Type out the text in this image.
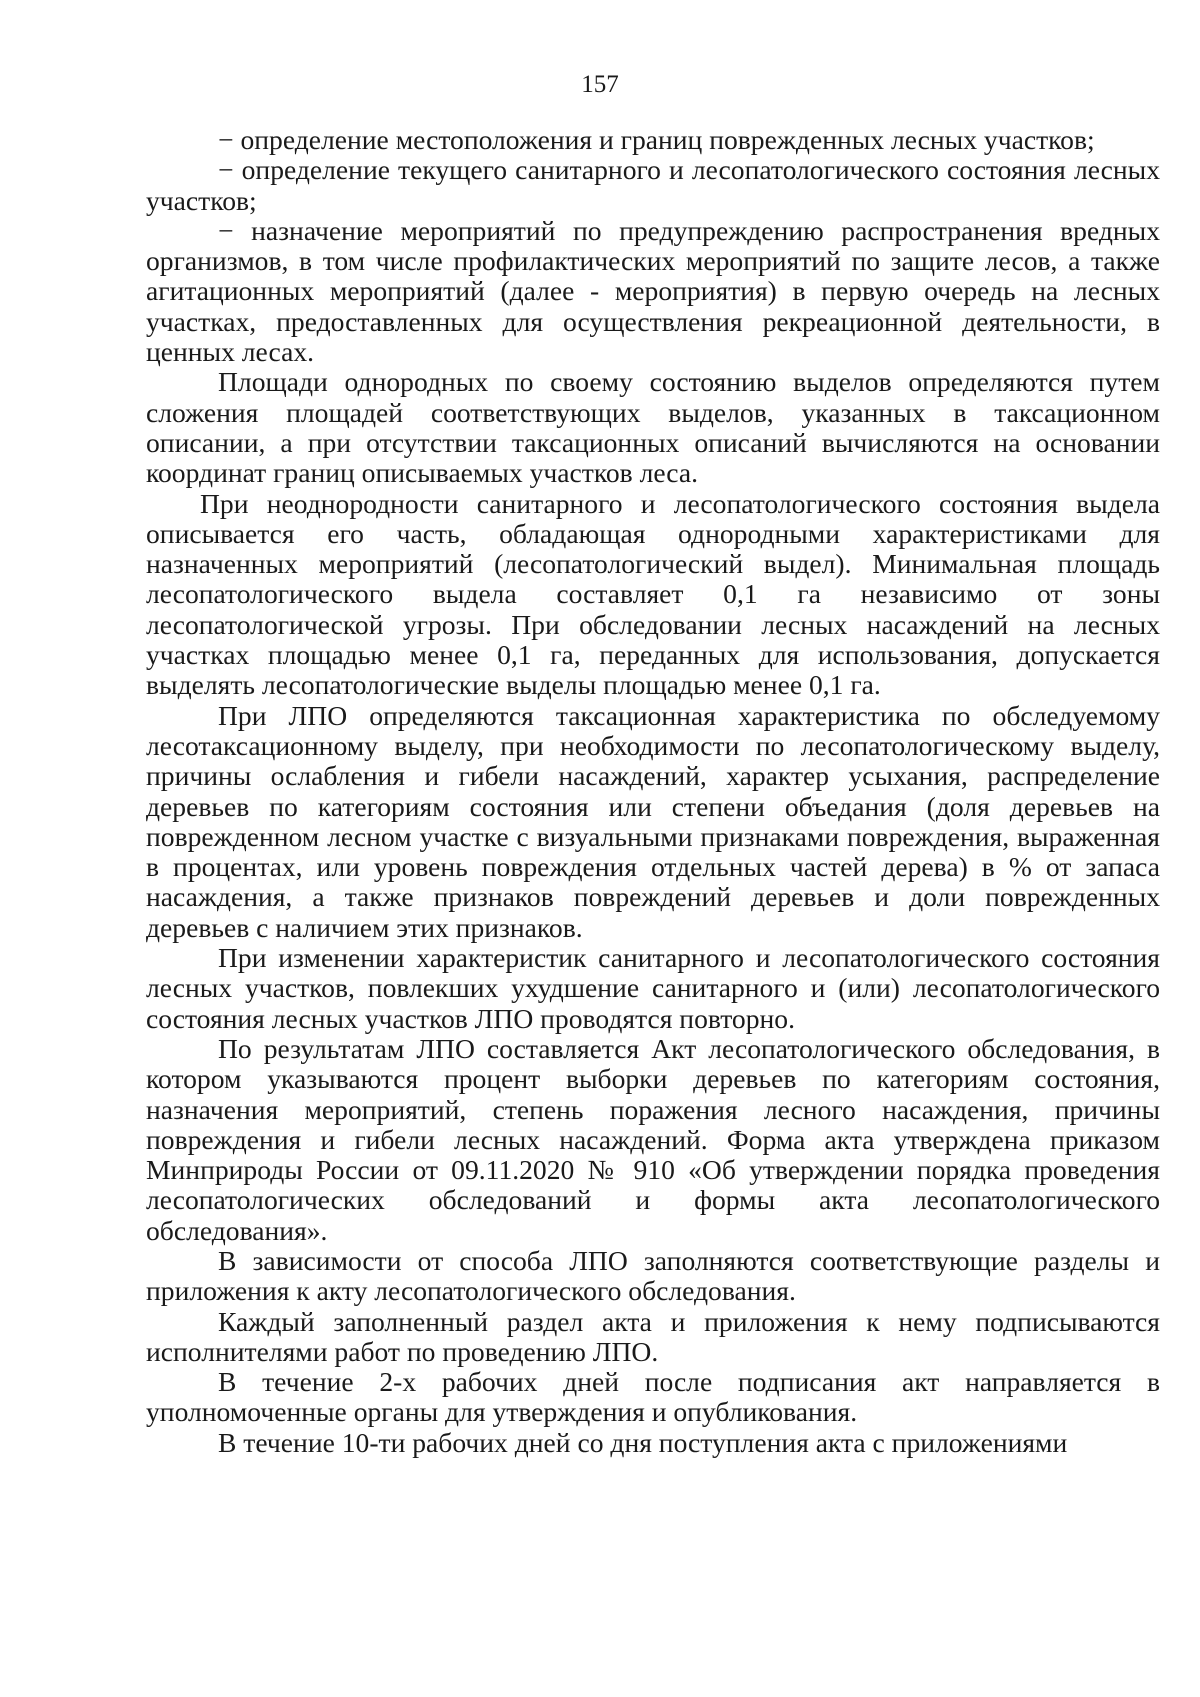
157

− определение местоположения и границ поврежденных лесных участков;

− определение текущего санитарного и лесопатологического состояния лесных участков;

− назначение мероприятий по предупреждению распространения вредных организмов, в том числе профилактических мероприятий по защите лесов, а также агитационных мероприятий (далее - мероприятия) в первую очередь на лесных участках, предоставленных для осуществления рекреационной деятельности, в ценных лесах.

Площади однородных по своему состоянию выделов определяются путем сложения площадей соответствующих выделов, указанных в таксационном описании, а при отсутствии таксационных описаний вычисляются на основании координат границ описываемых участков леса.

При неоднородности санитарного и лесопатологического состояния выдела описывается его часть, обладающая однородными характеристиками для назначенных мероприятий (лесопатологический выдел). Минимальная площадь лесопатологического выдела составляет 0,1 га независимо от зоны лесопатологической угрозы. При обследовании лесных насаждений на лесных участках площадью менее 0,1 га, переданных для использования, допускается выделять лесопатологические выделы площадью менее 0,1 га.

При ЛПО определяются таксационная характеристика по обследуемому лесотаксационному выделу, при необходимости по лесопатологическому выделу, причины ослабления и гибели насаждений, характер усыхания, распределение деревьев по категориям состояния или степени объедания (доля деревьев на поврежденном лесном участке с визуальными признаками повреждения, выраженная в процентах, или уровень повреждения отдельных частей дерева) в % от запаса насаждения, а также признаков повреждений деревьев и доли поврежденных деревьев с наличием этих признаков.

При изменении характеристик санитарного и лесопатологического состояния лесных участков, повлекших ухудшение санитарного и (или) лесопатологического состояния лесных участков ЛПО проводятся повторно.

По результатам ЛПО составляется Акт лесопатологического обследования, в котором указываются процент выборки деревьев по категориям состояния, назначения мероприятий, степень поражения лесного насаждения, причины повреждения и гибели лесных насаждений. Форма акта утверждена приказом Минприроды России от 09.11.2020 № 910 «Об утверждении порядка проведения лесопатологических обследований и формы акта лесопатологического обследования».

В зависимости от способа ЛПО заполняются соответствующие разделы и приложения к акту лесопатологического обследования.

Каждый заполненный раздел акта и приложения к нему подписываются исполнителями работ по проведению ЛПО.

В течение 2-х рабочих дней после подписания акт направляется в уполномоченные органы для утверждения и опубликования.

В течение 10-ти рабочих дней со дня поступления акта с приложениями
